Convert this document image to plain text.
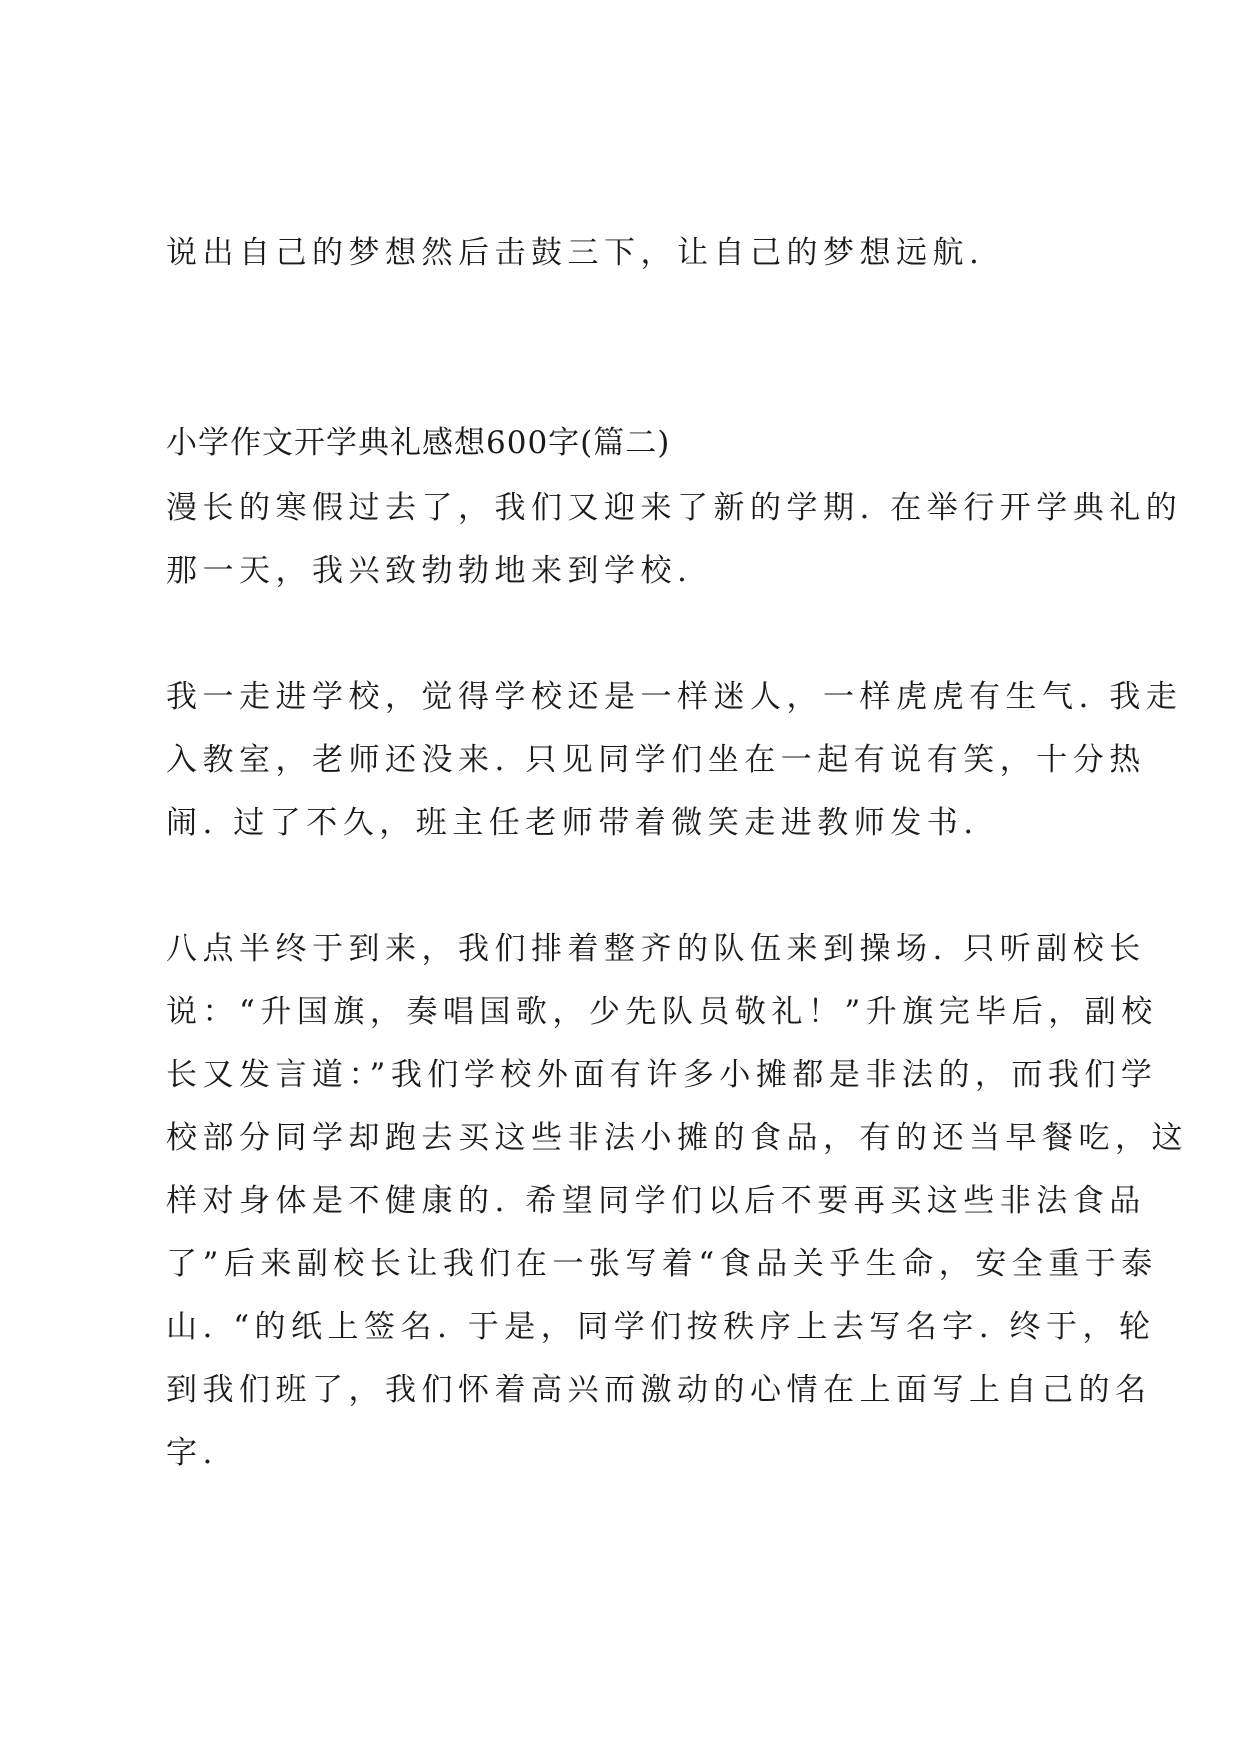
说出自己的梦想然后击鼓三下，让自己的梦想远航.

小学作文开学典礼感想600字(篇二)

漫长的寒假过去了，我们又迎来了新的学期. 在举行开学典礼的

那一天，我兴致勃勃地来到学校.

我一走进学校，觉得学校还是一样迷人，一样虎虎有生气. 我走

入教室，老师还没来. 只见同学们坐在一起有说有笑，十分热

闹. 过了不久，班主任老师带着微笑走进教师发书.

八点半终于到来，我们排着整齐的队伍来到操场. 只听副校长

说：“升国旗，奏唱国歌，少先队员敬礼！”升旗完毕后，副校

长又发言道：”我们学校外面有许多小摊都是非法的，而我们学

校部分同学却跑去买这些非法小摊的食品，有的还当早餐吃，这

样对身体是不健康的. 希望同学们以后不要再买这些非法食品

了”后来副校长让我们在一张写着“食品关乎生命，安全重于泰

山. “的纸上签名. 于是，同学们按秩序上去写名字. 终于，轮

到我们班了，我们怀着高兴而激动的心情在上面写上自己的名

字.
